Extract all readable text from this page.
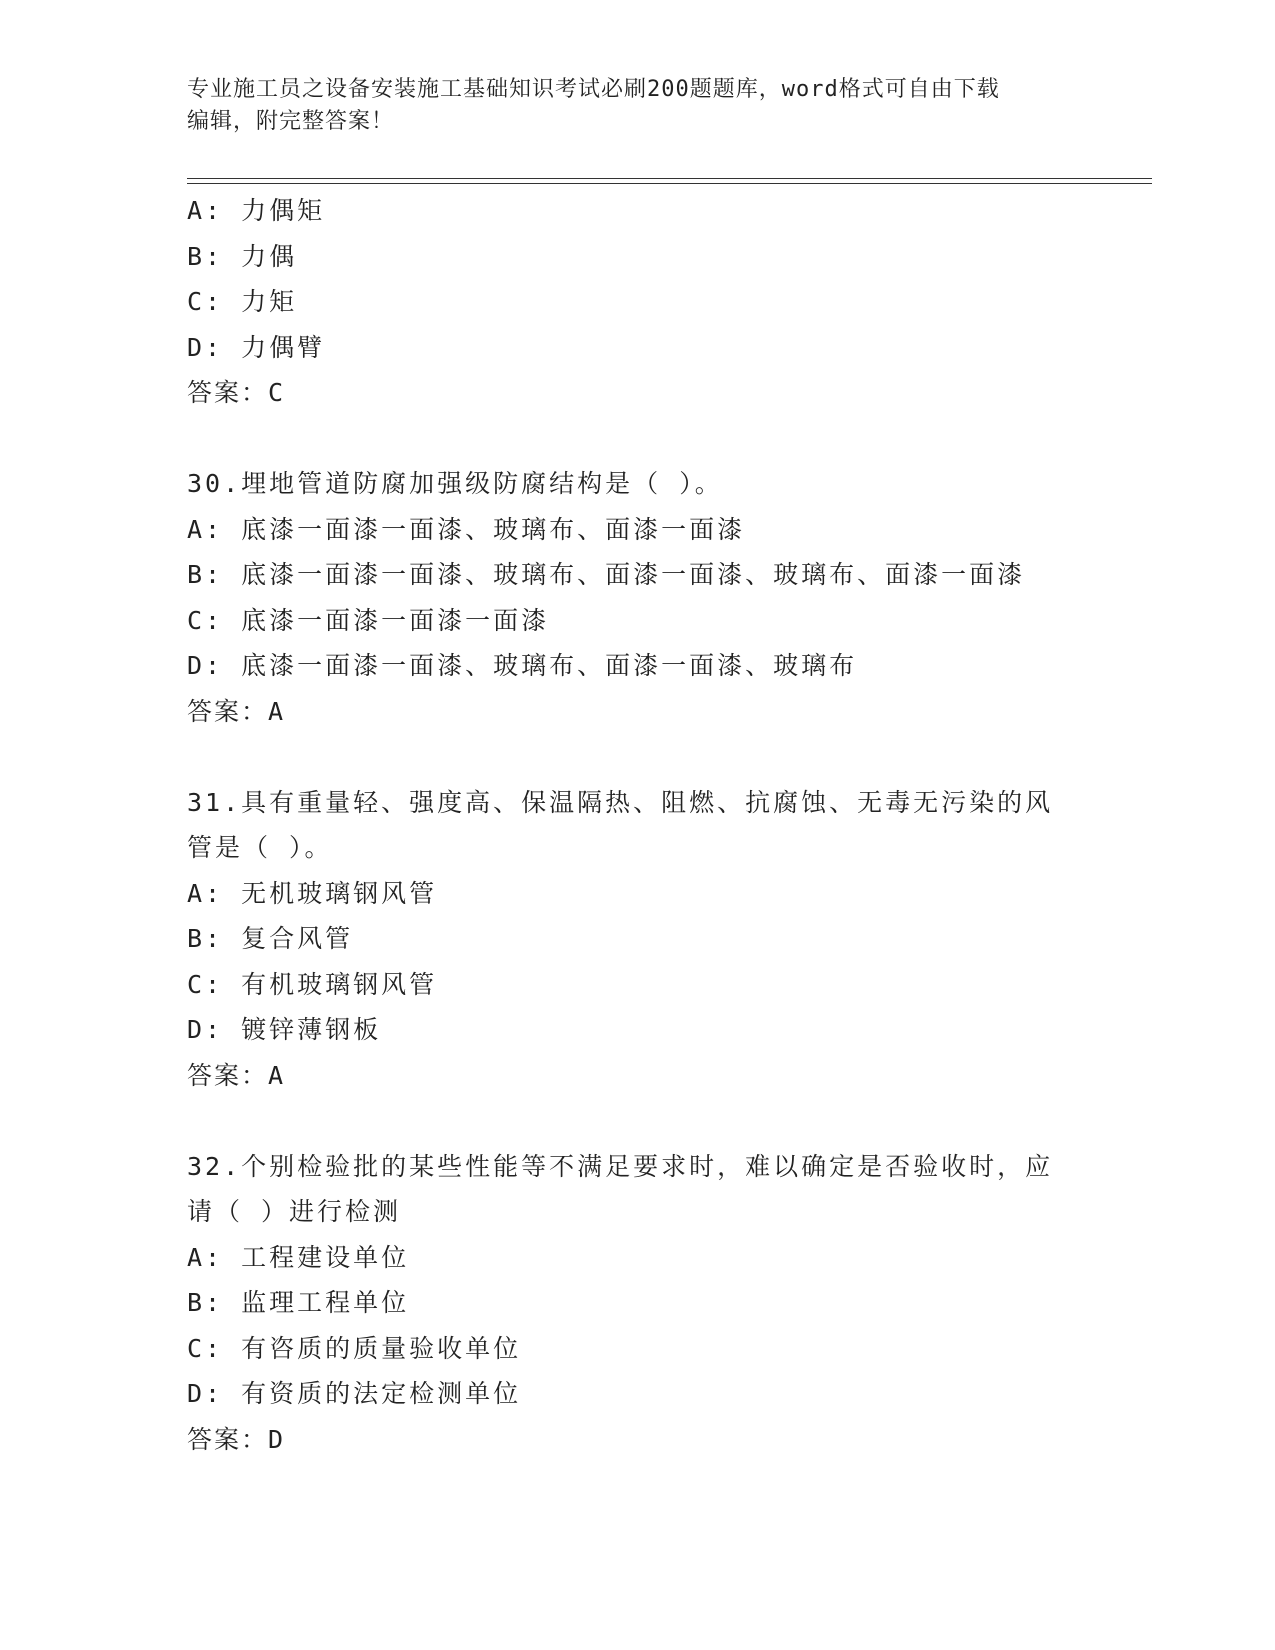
专业施工员之设备安装施工基础知识考试必刷200题题库，word格式可自由下载
编辑，附完整答案！
A: 力偶矩
B: 力偶
C: 力矩
D: 力偶臂
答案：C
30.埋地管道防腐加强级防腐结构是（ ）。
A: 底漆一面漆一面漆、玻璃布、面漆一面漆
B: 底漆一面漆一面漆、玻璃布、面漆一面漆、玻璃布、面漆一面漆
C: 底漆一面漆一面漆一面漆
D: 底漆一面漆一面漆、玻璃布、面漆一面漆、玻璃布
答案：A
31.具有重量轻、强度高、保温隔热、阻燃、抗腐蚀、无毒无污染的风
管是（ ）。
A: 无机玻璃钢风管
B: 复合风管
C: 有机玻璃钢风管
D: 镀锌薄钢板
答案：A
32.个别检验批的某些性能等不满足要求时，难以确定是否验收时，应
请（ ）进行检测
A: 工程建设单位
B: 监理工程单位
C: 有咨质的质量验收单位
D: 有资质的法定检测单位
答案：D
